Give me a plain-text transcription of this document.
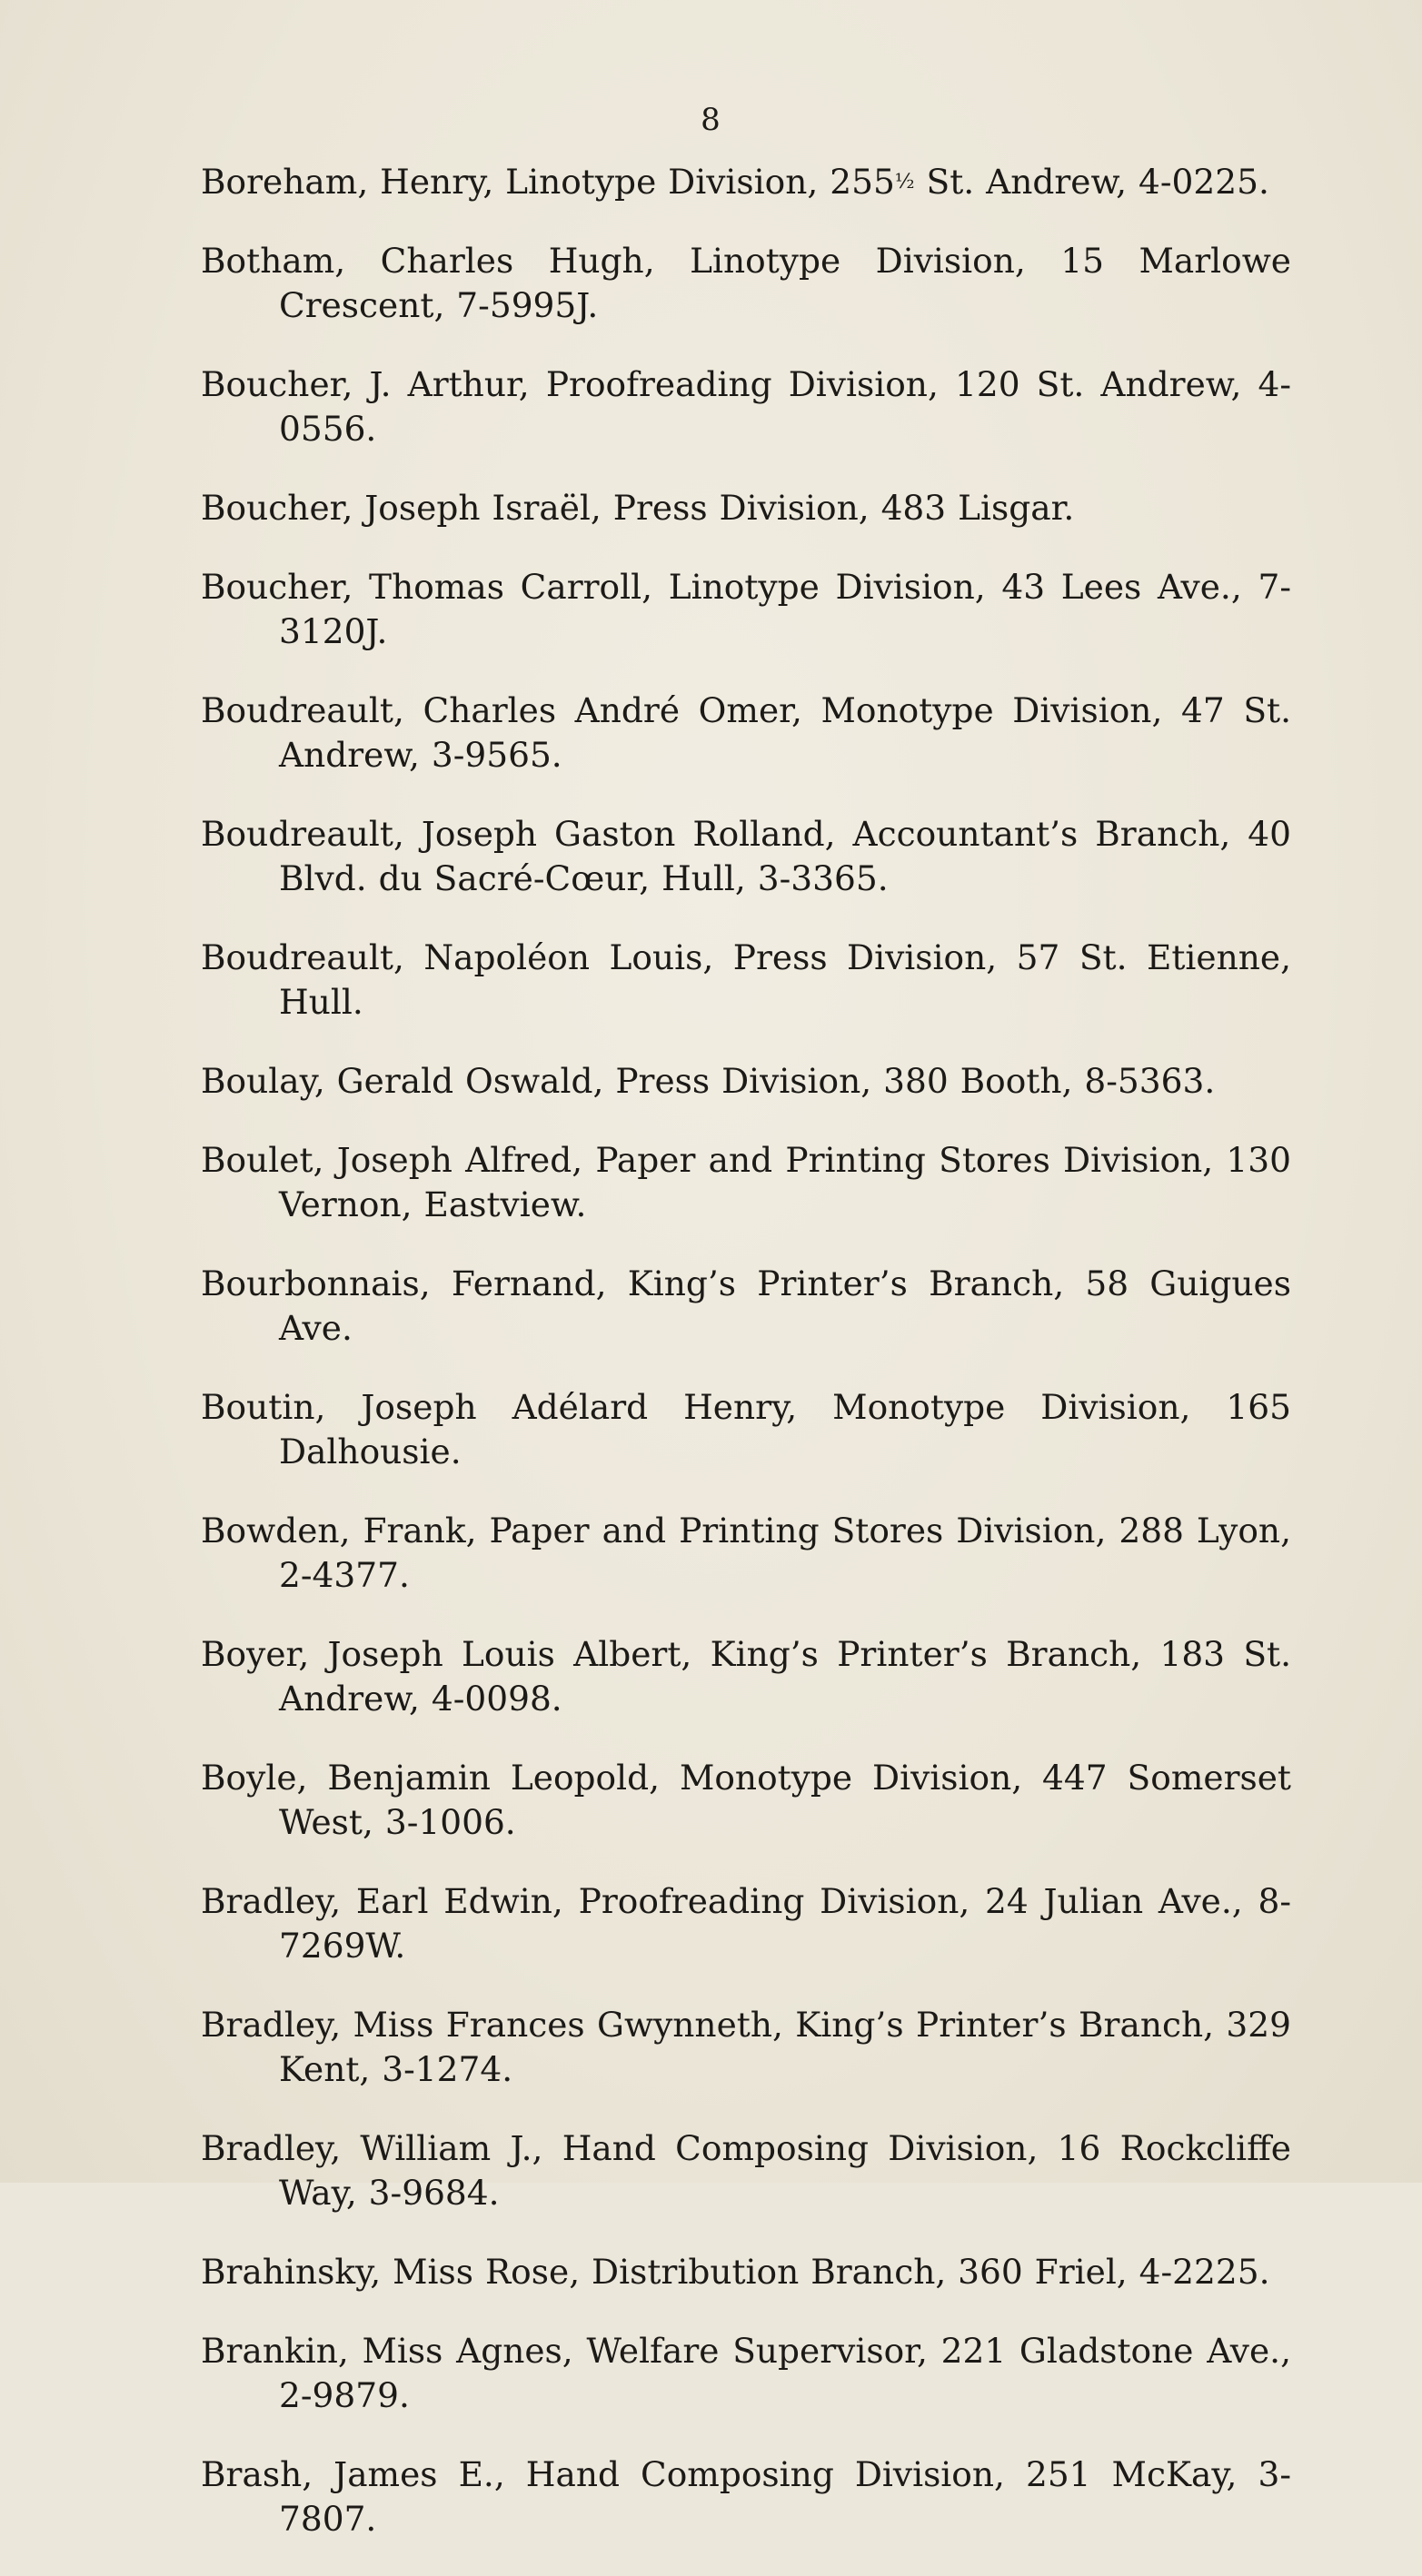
8

Boreham, Henry, Linotype Division, 255½ St. Andrew, 4-0225.

Botham, Charles Hugh, Linotype Division, 15 Marlowe Crescent, 7-5995J.

Boucher, J. Arthur, Proofreading Division, 120 St. Andrew, 4-0556.

Boucher, Joseph Israël, Press Division, 483 Lisgar.

Boucher, Thomas Carroll, Linotype Division, 43 Lees Ave., 7-3120J.

Boudreault, Charles André Omer, Monotype Division, 47 St. Andrew, 3-9565.

Boudreault, Joseph Gaston Rolland, Accountant’s Branch, 40 Blvd. du Sacré-Cœur, Hull, 3-3365.

Boudreault, Napoléon Louis, Press Division, 57 St. Etienne, Hull.

Boulay, Gerald Oswald, Press Division, 380 Booth, 8-5363.

Boulet, Joseph Alfred, Paper and Printing Stores Division, 130 Vernon, Eastview.

Bourbonnais, Fernand, King’s Printer’s Branch, 58 Guigues Ave.

Boutin, Joseph Adélard Henry, Monotype Division, 165 Dalhousie.

Bowden, Frank, Paper and Printing Stores Division, 288 Lyon, 2-4377.

Boyer, Joseph Louis Albert, King’s Printer’s Branch, 183 St. Andrew, 4-0098.

Boyle, Benjamin Leopold, Monotype Division, 447 Somerset West, 3-1006.

Bradley, Earl Edwin, Proofreading Division, 24 Julian Ave., 8-7269W.

Bradley, Miss Frances Gwynneth, King’s Printer’s Branch, 329 Kent, 3-1274.

Bradley, William J., Hand Composing Division, 16 Rockcliffe Way, 3-9684.

Brahinsky, Miss Rose, Distribution Branch, 360 Friel, 4-2225.

Brankin, Miss Agnes, Welfare Supervisor, 221 Gladstone Ave., 2-9879.

Brash, James E., Hand Composing Division, 251 McKay, 3-7807.
